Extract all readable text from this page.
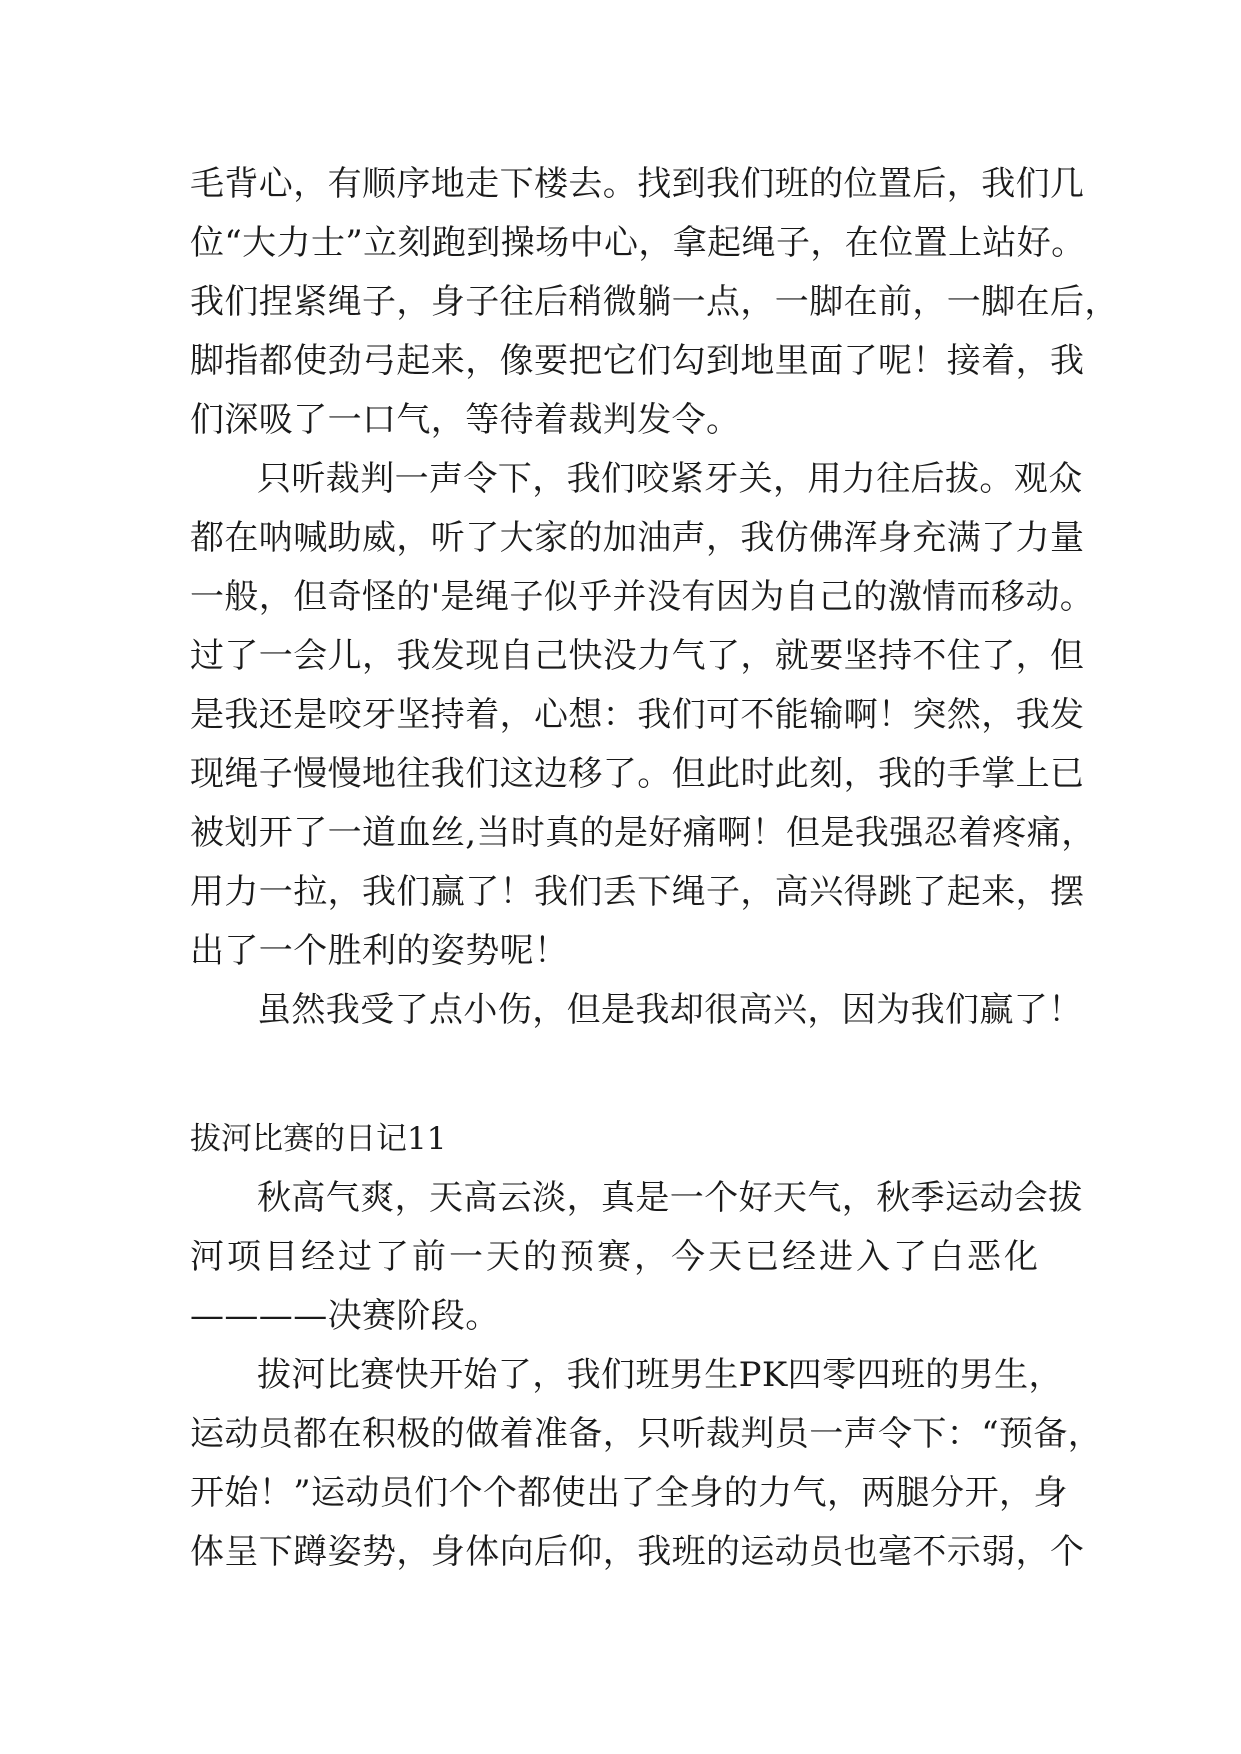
毛背心，有顺序地走下楼去。找到我们班的位置后，我们几
位“大力士”立刻跑到操场中心，拿起绳子，在位置上站好。
我们捏紧绳子，身子往后稍微躺一点，一脚在前，一脚在后，
脚指都使劲弓起来，像要把它们勾到地里面了呢！接着，我
们深吸了一口气，等待着裁判发令。
只听裁判一声令下，我们咬紧牙关，用力往后拔。观众
都在呐喊助威，听了大家的加油声，我仿佛浑身充满了力量
一般，但奇怪的'是绳子似乎并没有因为自己的激情而移动。
过了一会儿，我发现自己快没力气了，就要坚持不住了，但
是我还是咬牙坚持着，心想：我们可不能输啊！突然，我发
现绳子慢慢地往我们这边移了。但此时此刻，我的手掌上已
被划开了一道血丝,当时真的是好痛啊！但是我强忍着疼痛，
用力一拉，我们赢了！我们丢下绳子，高兴得跳了起来，摆
出了一个胜利的姿势呢！
虽然我受了点小伤，但是我却很高兴，因为我们赢了！
拔河比赛的日记11
秋高气爽，天高云淡，真是一个好天气，秋季运动会拔
河项目经过了前一天的预赛，今天已经进入了白恶化
————决赛阶段。
拔河比赛快开始了，我们班男生PK四零四班的男生，
运动员都在积极的做着准备，只听裁判员一声令下：“预备，
开始！”运动员们个个都使出了全身的力气，两腿分开，身
体呈下蹲姿势，身体向后仰，我班的运动员也毫不示弱，个
